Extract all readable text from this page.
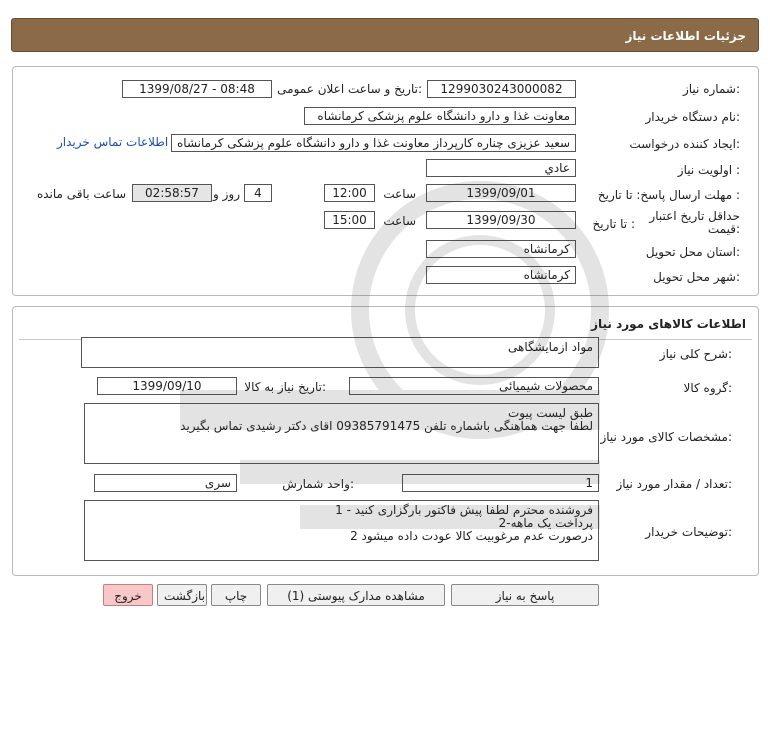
جزئیات اطلاعات نیاز
شماره نیاز:
1299030243000082
تاریخ و ساعت اعلان عمومی:
1399/08/27 - 08:48
نام دستگاه خریدار:
معاونت غذا و دارو دانشگاه علوم پزشکی کرمانشاه
ایجاد کننده درخواست:
سعید عزیزی چناره کارپرداز معاونت غذا و دارو دانشگاه علوم پزشکی کرمانشاه
اطلاعات تماس خریدار
اولویت نیاز :
عادي
مهلت ارسال پاسخ: تا تاریخ :
1399/09/01
ساعت
12:00
4
روز و
02:58:57
ساعت باقی مانده
حداقل تاریخ اعتبار قیمت:
تا تاریخ :
1399/09/30
ساعت
15:00
استان محل تحویل:
کرمانشاه
شهر محل تحویل:
کرمانشاه
اطلاعات کالاهای مورد نیاز
شرح کلی نیاز:
مواد ازمایشگاهی
گروه کالا:
محصولات شیمیائی
تاریخ نیاز به کالا:
1399/09/10
مشخصات کالای مورد نیاز:
طبق لیست پیوت
لطفا جهت هماهنگی باشماره تلفن 09385791475 اقای دکتر رشیدی تماس بگیرید
تعداد / مقدار مورد نیاز:
1
واحد شمارش:
سری
توضیحات خریدار:
1 - فروشنده محترم لطفا پیش فاکتور بارگزاری کنید
2-پرداخت یک ماهه
2 درصورت عدم مرغوبیت کالا عودت داده میشود
پاسخ به نیاز
مشاهده مدارک پیوستی (1)
چاپ
بازگشت
خروج
